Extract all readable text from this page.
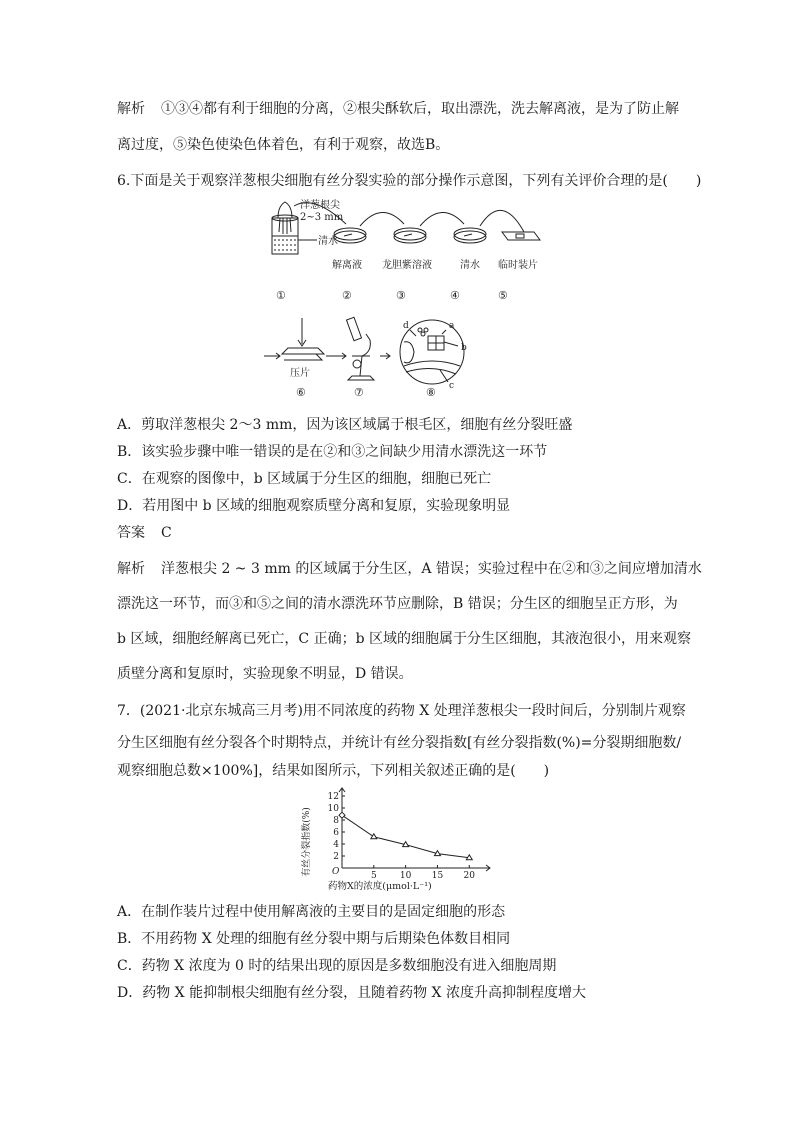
解析 ①③④都有利于细胞的分离，②根尖酥软后，取出漂洗，洗去解离液，是为了防止解
离过度，⑤染色使染色体着色，有利于观察，故选B。
6.下面是关于观察洋葱根尖细胞有丝分裂实验的部分操作示意图，下列有关评价合理的是(　　)
洋葱根尖
2~3 mm
清水
解离液 龙胆紫溶液	清水 临时装片
①	②	③	④	⑤
a
b
c
d
压片
⑥	⑦	⑧
A．剪取洋葱根尖 2～3 mm，因为该区域属于根毛区，细胞有丝分裂旺盛
B．该实验步骤中唯一错误的是在②和③之间缺少用清水漂洗这一环节
C．在观察的图像中，b 区域属于分生区的细胞，细胞已死亡
D．若用图中 b 区域的细胞观察质壁分离和复原，实验现象明显
答案 C
解析 洋葱根尖 2 ~ 3 mm 的区域属于分生区，A 错误；实验过程中在②和③之间应增加清水
漂洗这一环节，而③和⑤之间的清水漂洗环节应删除，B 错误；分生区的细胞呈正方形，为
b 区域，细胞经解离已死亡，C 正确；b 区域的细胞属于分生区细胞，其液泡很小，用来观察
质壁分离和复原时，实验现象不明显，D 错误。
7．(2021·北京东城高三月考)用不同浓度的药物 X 处理洋葱根尖一段时间后，分别制片观察
分生区细胞有丝分裂各个时期特点，并统计有丝分裂指数[有丝分裂指数(%)=分裂期细胞数/
观察细胞总数×100%]，结果如图所示，下列相关叙述正确的是(　　)
5	10 15 20
2
4
6
8
10
12
药物X的浓度(μmol·L⁻¹)
有丝分裂指数(%) O
A．在制作装片过程中使用解离液的主要目的是固定细胞的形态
B．不用药物 X 处理的细胞有丝分裂中期与后期染色体数目相同
C．药物 X 浓度为 0 时的结果出现的原因是多数细胞没有进入细胞周期
D．药物 X 能抑制根尖细胞有丝分裂，且随着药物 X 浓度升高抑制程度增大
